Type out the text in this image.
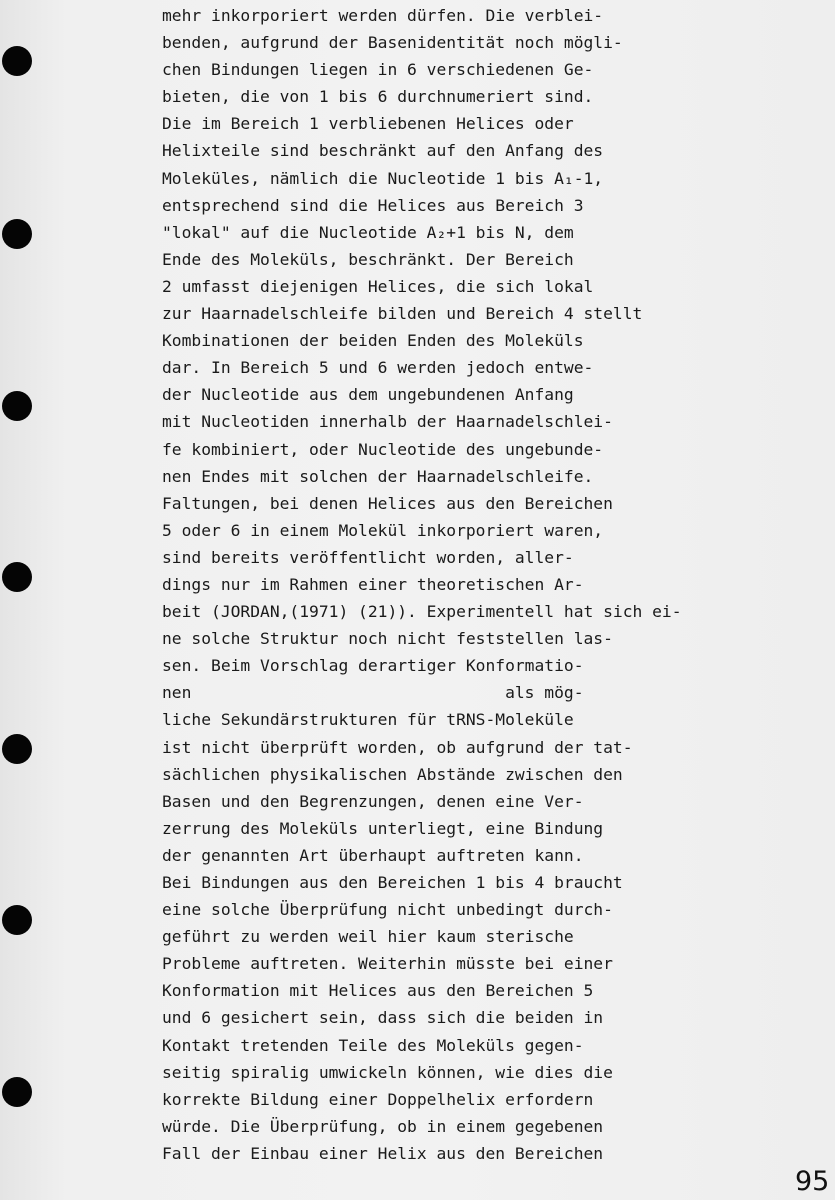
mehr inkorporiert werden dürfen. Die verblei-
benden, aufgrund der Basenidentität noch mögli-
chen Bindungen liegen in 6 verschiedenen Ge-
bieten, die von 1 bis 6 durchnumeriert sind.
Die im Bereich 1 verbliebenen Helices oder
Helixteile sind beschränkt auf den Anfang des
Moleküles, nämlich die Nucleotide 1 bis A₁-1,
entsprechend sind die Helices aus Bereich 3
"lokal" auf die Nucleotide A₂+1 bis N, dem
Ende des Moleküls, beschränkt. Der Bereich
2 umfasst diejenigen Helices, die sich lokal
zur Haarnadelschleife bilden und Bereich 4 stellt
Kombinationen der beiden Enden des Moleküls
dar. In Bereich 5 und 6 werden jedoch entwe-
der Nucleotide aus dem ungebundenen Anfang
mit Nucleotiden innerhalb der Haarnadelschlei-
fe kombiniert, oder Nucleotide des ungebunde-
nen Endes mit solchen der Haarnadelschleife.
Faltungen, bei denen Helices aus den Bereichen
5 oder 6 in einem Molekül inkorporiert waren,
sind bereits veröffentlicht worden, aller-
dings nur im Rahmen einer theoretischen Ar-
beit (JORDAN,(1971) (21)). Experimentell hat sich ei-
ne solche Struktur noch nicht feststellen las-
sen. Beim Vorschlag derartiger Konformatio-
nen                                als mög-
liche Sekundärstrukturen für tRNS-Moleküle
ist nicht überprüft worden, ob aufgrund der tat-
sächlichen physikalischen Abstände zwischen den
Basen und den Begrenzungen, denen eine Ver-
zerrung des Moleküls unterliegt, eine Bindung
der genannten Art überhaupt auftreten kann.
Bei Bindungen aus den Bereichen 1 bis 4 braucht
eine solche Überprüfung nicht unbedingt durch-
geführt zu werden weil hier kaum sterische
Probleme auftreten. Weiterhin müsste bei einer
Konformation mit Helices aus den Bereichen 5
und 6 gesichert sein, dass sich die beiden in
Kontakt tretenden Teile des Moleküls gegen-
seitig spiralig umwickeln können, wie dies die
korrekte Bildung einer Doppelhelix erfordern
würde. Die Überprüfung, ob in einem gegebenen
Fall der Einbau einer Helix aus den Bereichen
95
